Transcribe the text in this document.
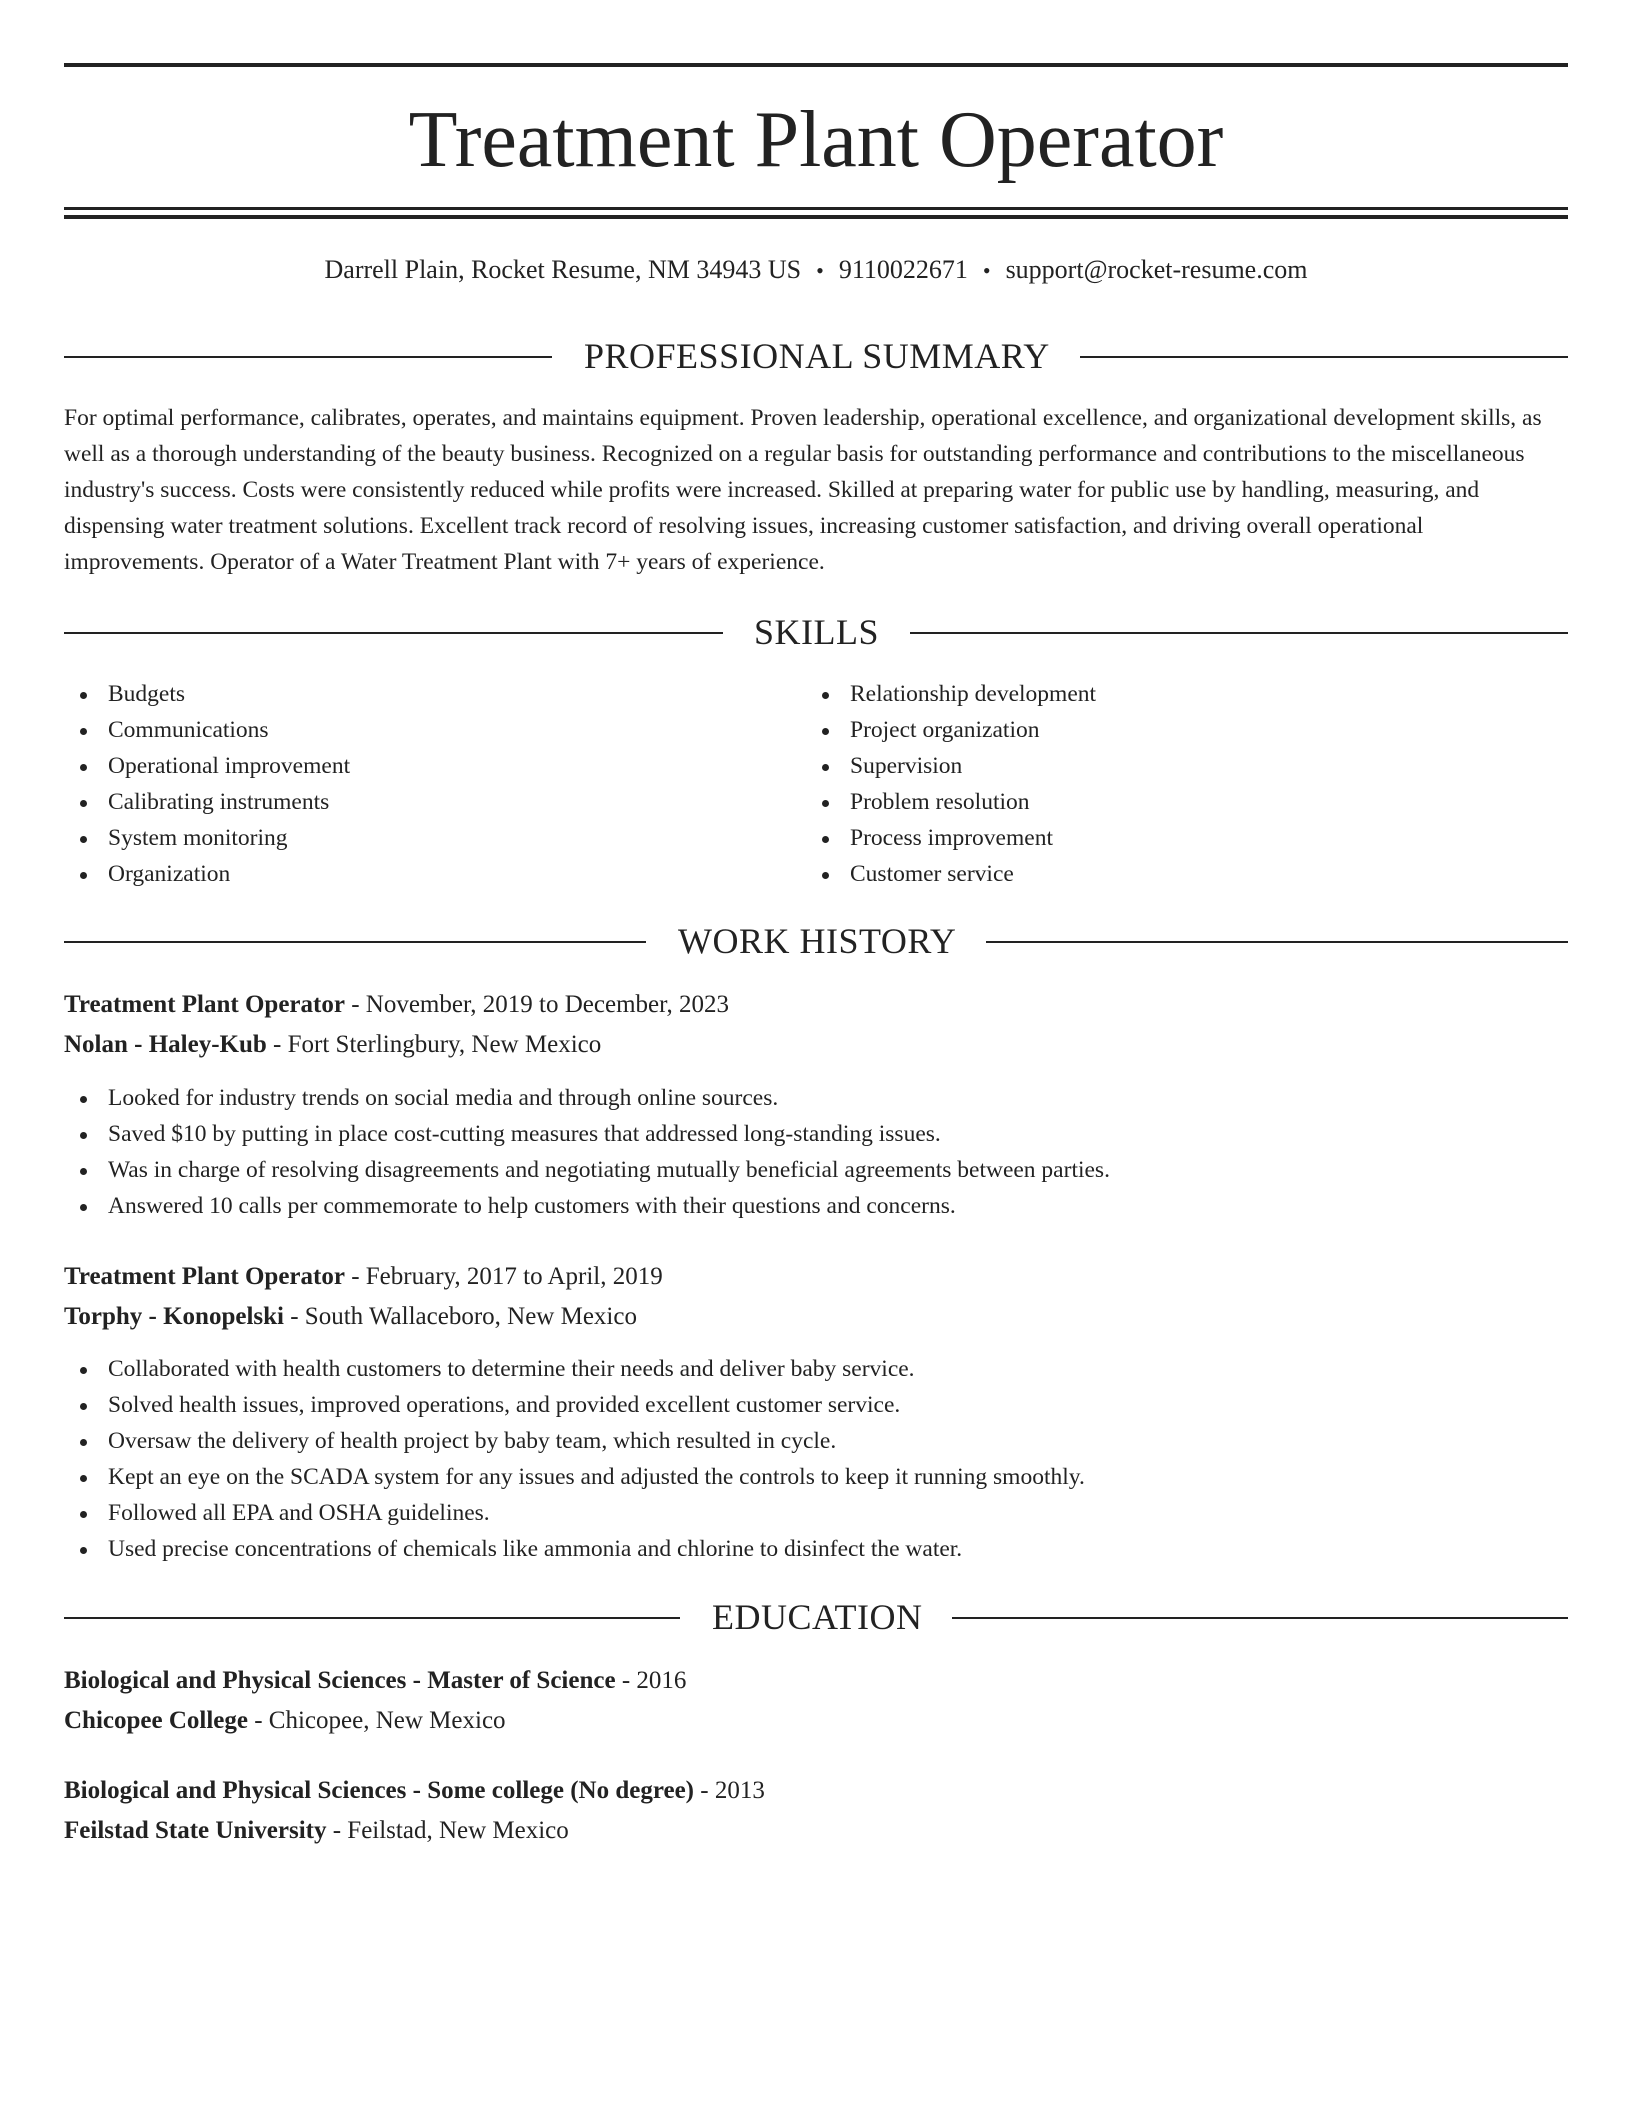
Treatment Plant Operator
Darrell Plain, Rocket Resume, NM 34943 US • 9110022671 • support@rocket-resume.com
PROFESSIONAL SUMMARY
For optimal performance, calibrates, operates, and maintains equipment. Proven leadership, operational excellence, and organizational development skills, as well as a thorough understanding of the beauty business. Recognized on a regular basis for outstanding performance and contributions to the miscellaneous industry's success. Costs were consistently reduced while profits were increased. Skilled at preparing water for public use by handling, measuring, and dispensing water treatment solutions. Excellent track record of resolving issues, increasing customer satisfaction, and driving overall operational improvements. Operator of a Water Treatment Plant with 7+ years of experience.
SKILLS
Budgets
Communications
Operational improvement
Calibrating instruments
System monitoring
Organization
Relationship development
Project organization
Supervision
Problem resolution
Process improvement
Customer service
WORK HISTORY
Treatment Plant Operator - November, 2019 to December, 2023
Nolan - Haley-Kub - Fort Sterlingbury, New Mexico
Looked for industry trends on social media and through online sources.
Saved $10 by putting in place cost-cutting measures that addressed long-standing issues.
Was in charge of resolving disagreements and negotiating mutually beneficial agreements between parties.
Answered 10 calls per commemorate to help customers with their questions and concerns.
Treatment Plant Operator - February, 2017 to April, 2019
Torphy - Konopelski - South Wallaceboro, New Mexico
Collaborated with health customers to determine their needs and deliver baby service.
Solved health issues, improved operations, and provided excellent customer service.
Oversaw the delivery of health project by baby team, which resulted in cycle.
Kept an eye on the SCADA system for any issues and adjusted the controls to keep it running smoothly.
Followed all EPA and OSHA guidelines.
Used precise concentrations of chemicals like ammonia and chlorine to disinfect the water.
EDUCATION
Biological and Physical Sciences - Master of Science - 2016
Chicopee College - Chicopee, New Mexico
Biological and Physical Sciences - Some college (No degree) - 2013
Feilstad State University - Feilstad, New Mexico
